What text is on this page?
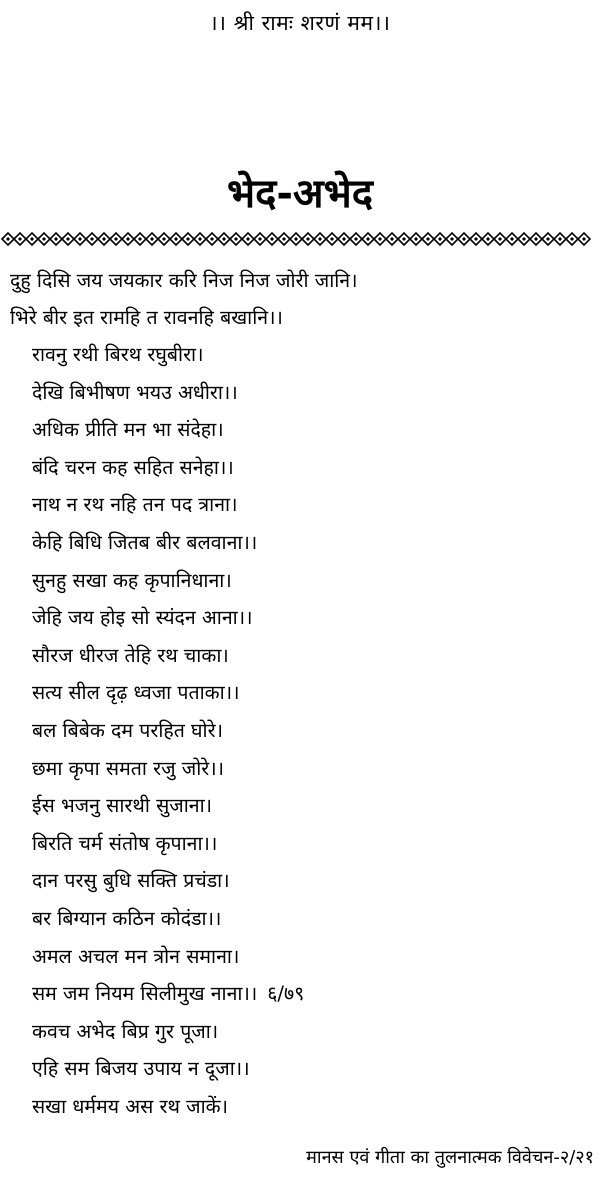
।। श्री रामः शरणं मम।।
भेद-अभेद
दुहु दिसि जय जयकार करि निज निज जोरी जानि।
भिरे बीर इत रामहि त रावनहि बखानि।।
रावनु रथी बिरथ रघुबीरा।
देखि बिभीषण भयउ अधीरा।।
अधिक प्रीति मन भा संदेहा।
बंदि चरन कह सहित सनेहा।।
नाथ न रथ नहि तन पद त्राना।
केहि बिधि जितब बीर बलवाना।।
सुनहु सखा कह कृपानिधाना।
जेहि जय होइ सो स्यंदन आना।।
सौरज धीरज तेहि रथ चाका।
सत्य सील दृढ़ ध्वजा पताका।।
बल बिबेक दम परहित घोरे।
छमा कृपा समता रजु जोरे।।
ईस भजनु सारथी सुजाना।
बिरति चर्म संतोष कृपाना।।
दान परसु बुधि सक्ति प्रचंडा।
बर बिग्यान कठिन कोदंडा।।
अमल अचल मन त्रोन समाना।
सम जम नियम सिलीमुख नाना।। ६/७९
कवच अभेद बिप्र गुर पूजा।
एहि सम बिजय उपाय न दूजा।।
सखा धर्ममय अस रथ जाकें।
मानस एवं गीता का तुलनात्मक विवेचन-२/२१
